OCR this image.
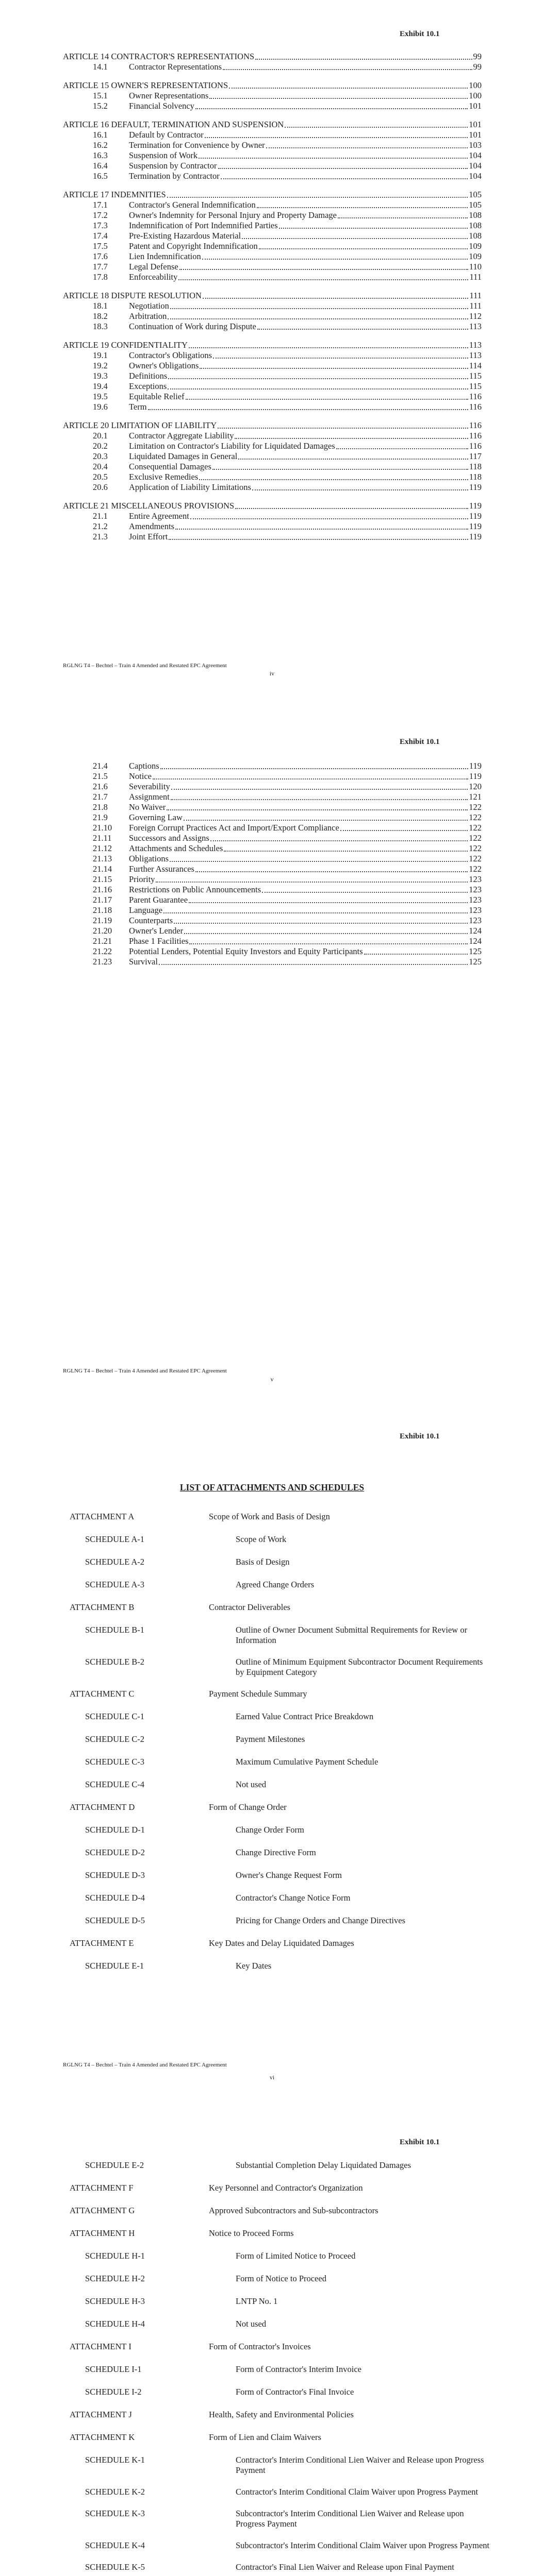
Exhibit 10.1
ARTICLE 14 CONTRACTOR'S REPRESENTATIONS	99
14.1	Contractor Representations	99
ARTICLE 15 OWNER'S REPRESENTATIONS	100
15.1	Owner Representations	100
15.2	Financial Solvency	101
ARTICLE 16 DEFAULT, TERMINATION AND SUSPENSION	101
16.1	Default by Contractor	101
16.2	Termination for Convenience by Owner	103
16.3	Suspension of Work	104
16.4	Suspension by Contractor	104
16.5	Termination by Contractor	104
ARTICLE 17 INDEMNITIES	105
17.1	Contractor's General Indemnification	105
17.2	Owner's Indemnity for Personal Injury and Property Damage	108
17.3	Indemnification of Port Indemnified Parties	108
17.4	Pre-Existing Hazardous Material	108
17.5	Patent and Copyright Indemnification	109
17.6	Lien Indemnification	109
17.7	Legal Defense	110
17.8	Enforceability	111
ARTICLE 18 DISPUTE RESOLUTION	111
18.1	Negotiation	111
18.2	Arbitration	112
18.3	Continuation of Work during Dispute	113
ARTICLE 19 CONFIDENTIALITY	113
19.1	Contractor's Obligations	113
19.2	Owner's Obligations	114
19.3	Definitions	115
19.4	Exceptions	115
19.5	Equitable Relief	116
19.6	Term	116
ARTICLE 20 LIMITATION OF LIABILITY	116
20.1	Contractor Aggregate Liability	116
20.2	Limitation on Contractor's Liability for Liquidated Damages	116
20.3	Liquidated Damages in General	117
20.4	Consequential Damages	118
20.5	Exclusive Remedies	118
20.6	Application of Liability Limitations	119
ARTICLE 21 MISCELLANEOUS PROVISIONS	119
21.1	Entire Agreement	119
21.2	Amendments	119
21.3	Joint Effort	119
RGLNG T4 – Bechtel – Train 4 Amended and Restated EPC Agreement
iv
Exhibit 10.1
21.4	Captions	119
21.5	Notice	119
21.6	Severability	120
21.7	Assignment	121
21.8	No Waiver	122
21.9	Governing Law	122
21.10	Foreign Corrupt Practices Act and Import/Export Compliance	122
21.11	Successors and Assigns	122
21.12	Attachments and Schedules	122
21.13	Obligations	122
21.14	Further Assurances	122
21.15	Priority	123
21.16	Restrictions on Public Announcements	123
21.17	Parent Guarantee	123
21.18	Language	123
21.19	Counterparts	123
21.20	Owner's Lender	124
21.21	Phase 1 Facilities	124
21.22	Potential Lenders, Potential Equity Investors and Equity Participants	125
21.23	Survival	125
RGLNG T4 – Bechtel – Train 4 Amended and Restated EPC Agreement
v
Exhibit 10.1
LIST OF ATTACHMENTS AND SCHEDULES
ATTACHMENT A	Scope of Work and Basis of Design
SCHEDULE A-1	Scope of Work
SCHEDULE A-2	Basis of Design
SCHEDULE A-3	Agreed Change Orders
ATTACHMENT B	Contractor Deliverables
SCHEDULE B-1	Outline of Owner Document Submittal Requirements for Review or Information
SCHEDULE B-2	Outline of Minimum Equipment Subcontractor Document Requirements by Equipment Category
ATTACHMENT C	Payment Schedule Summary
SCHEDULE C-1	Earned Value Contract Price Breakdown
SCHEDULE C-2	Payment Milestones
SCHEDULE C-3	Maximum Cumulative Payment Schedule
SCHEDULE C-4	Not used
ATTACHMENT D	Form of Change Order
SCHEDULE D-1	Change Order Form
SCHEDULE D-2	Change Directive Form
SCHEDULE D-3	Owner's Change Request Form
SCHEDULE D-4	Contractor's Change Notice Form
SCHEDULE D-5	Pricing for Change Orders and Change Directives
ATTACHMENT E	Key Dates and Delay Liquidated Damages
SCHEDULE E-1	Key Dates
RGLNG T4 – Bechtel – Train 4 Amended and Restated EPC Agreement
vi
Exhibit 10.1
SCHEDULE E-2	Substantial Completion Delay Liquidated Damages
ATTACHMENT F	Key Personnel and Contractor's Organization
ATTACHMENT G	Approved Subcontractors and Sub-subcontractors
ATTACHMENT H	Notice to Proceed Forms
SCHEDULE H-1	Form of Limited Notice to Proceed
SCHEDULE H-2	Form of Notice to Proceed
SCHEDULE H-3	LNTP No. 1
SCHEDULE H-4	Not used
ATTACHMENT I	Form of Contractor's Invoices
SCHEDULE I-1	Form of Contractor's Interim Invoice
SCHEDULE I-2	Form of Contractor's Final Invoice
ATTACHMENT J	Health, Safety and Environmental Policies
ATTACHMENT K	Form of Lien and Claim Waivers
SCHEDULE K-1	Contractor's Interim Conditional Lien Waiver and Release upon Progress Payment
SCHEDULE K-2	Contractor's Interim Conditional Claim Waiver upon Progress Payment
SCHEDULE K-3	Subcontractor's Interim Conditional Lien Waiver and Release upon Progress Payment
SCHEDULE K-4	Subcontractor's Interim Conditional Claim Waiver upon Progress Payment
SCHEDULE K-5	Contractor's Final Lien Waiver and Release upon Final Payment
